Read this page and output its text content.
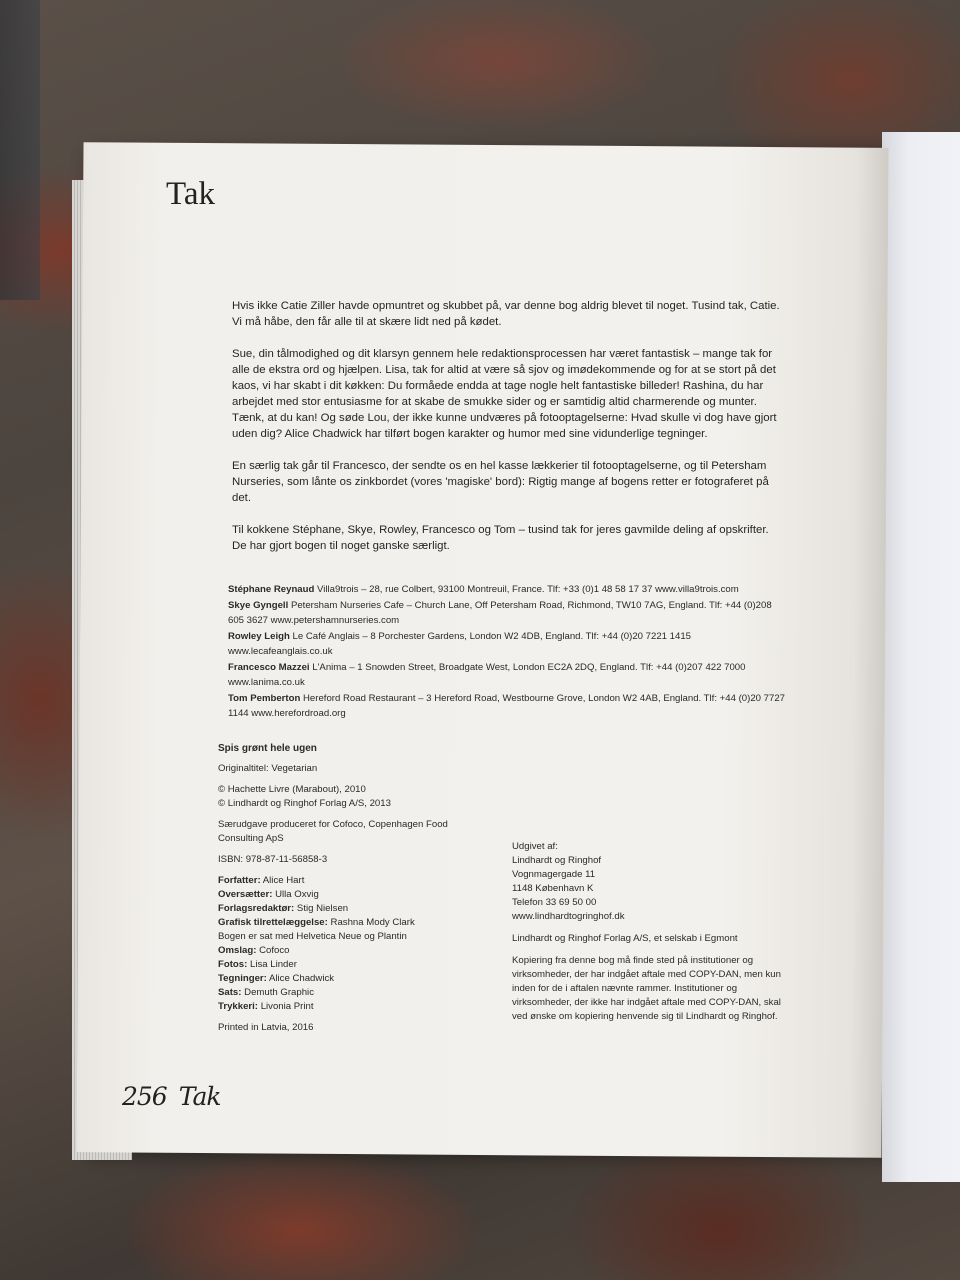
Tak

Hvis ikke Catie Ziller havde opmuntret og skubbet på, var denne bog aldrig blevet til noget. Tusind tak, Catie. Vi må håbe, den får alle til at skære lidt ned på kødet.

Sue, din tålmodighed og dit klarsyn gennem hele redaktionsprocessen har været fantastisk – mange tak for alle de ekstra ord og hjælpen. Lisa, tak for altid at være så sjov og imødekommende og for at se stort på det kaos, vi har skabt i dit køkken: Du formåede endda at tage nogle helt fantastiske billeder! Rashina, du har arbejdet med stor entusiasme for at skabe de smukke sider og er samtidig altid charmerende og munter. Tænk, at du kan! Og søde Lou, der ikke kunne undværes på fotooptagelserne: Hvad skulle vi dog have gjort uden dig? Alice Chadwick har tilført bogen karakter og humor med sine vidunderlige tegninger.

En særlig tak går til Francesco, der sendte os en hel kasse lækkerier til fotooptagelserne, og til Petersham Nurseries, som lånte os zinkbordet (vores 'magiske' bord): Rigtig mange af bogens retter er fotograferet på det.

Til kokkene Stéphane, Skye, Rowley, Francesco og Tom – tusind tak for jeres gavmilde deling af opskrifter. De har gjort bogen til noget ganske særligt.

Stéphane Reynaud Villa9trois – 28, rue Colbert, 93100 Montreuil, France. Tlf: +33 (0)1 48 58 17 37 www.villa9trois.com
Skye Gyngell Petersham Nurseries Cafe – Church Lane, Off Petersham Road, Richmond, TW10 7AG, England. Tlf: +44 (0)208 605 3627 www.petershamnurseries.com
Rowley Leigh Le Café Anglais – 8 Porchester Gardens, London W2 4DB, England. Tlf: +44 (0)20 7221 1415 www.lecafeanglais.co.uk
Francesco Mazzei L'Anima – 1 Snowden Street, Broadgate West, London EC2A 2DQ, England. Tlf: +44 (0)207 422 7000 www.lanima.co.uk
Tom Pemberton Hereford Road Restaurant – 3 Hereford Road, Westbourne Grove, London W2 4AB, England. Tlf: +44 (0)20 7727 1144 www.herefordroad.org
Spis grønt hele ugen
Originaltitel: Vegetarian
© Hachette Livre (Marabout), 2010
© Lindhardt og Ringhof Forlag A/S, 2013
Særudgave produceret for Cofoco, Copenhagen Food Consulting ApS
ISBN: 978-87-11-56858-3
Forfatter: Alice Hart
Oversætter: Ulla Oxvig
Forlagsredaktør: Stig Nielsen
Grafisk tilrettelæggelse: Rashna Mody Clark
Bogen er sat med Helvetica Neue og Plantin
Omslag: Cofoco
Fotos: Lisa Linder
Tegninger: Alice Chadwick
Sats: Demuth Graphic
Trykkeri: Livonia Print
Printed in Latvia, 2016
Udgivet af:
Lindhardt og Ringhof
Vognmagergade 11
1148 København K
Telefon 33 69 50 00
www.lindhardtogringhof.dk
Lindhardt og Ringhof Forlag A/S, et selskab i Egmont
Kopiering fra denne bog må finde sted på institutioner og virksomheder, der har indgået aftale med COPY-DAN, men kun inden for de i aftalen nævnte rammer. Institutioner og virksomheder, der ikke har indgået aftale med COPY-DAN, skal ved ønske om kopiering henvende sig til Lindhardt og Ringhof.
256 Tak
